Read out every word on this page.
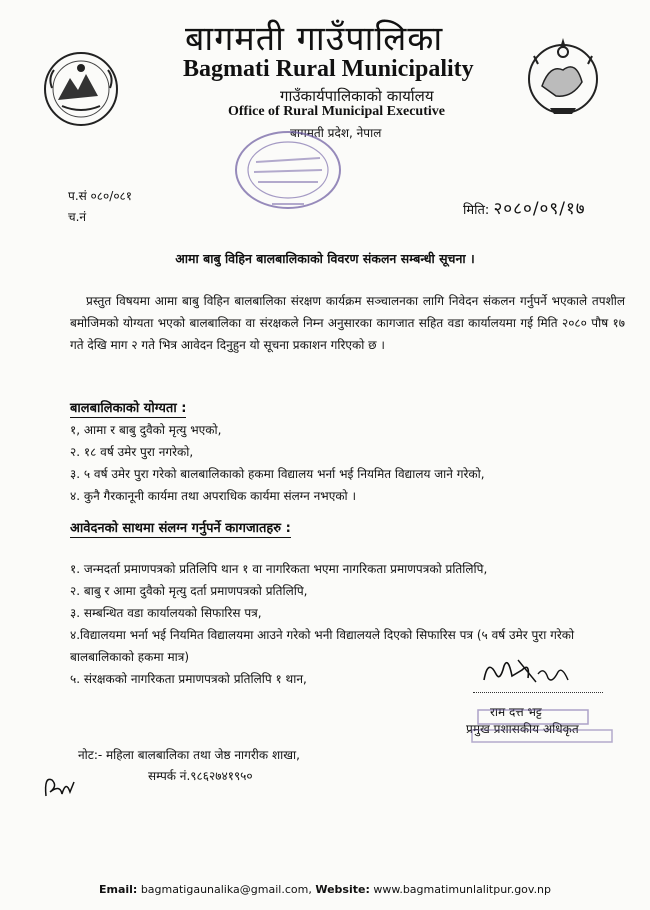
बागमती गाउँपालिका
Bagmati Rural Municipality
गाउँकार्यपालिकाको कार्यालय
Office of Rural Municipal Executive
बागमती प्रदेश, नेपाल
प.सं ०८०/०८१
च.नं	मिति: २०८०/०९/१७
आमा बाबु विहिन बालबालिकाको विवरण संकलन सम्बन्धी सूचना ।
प्रस्तुत विषयमा आमा बाबु विहिन बालबालिका संरक्षण कार्यक्रम सञ्चालनका लागि निवेदन संकलन गर्नुपर्ने भएकाले तपशील बमोजिमको योग्यता भएको बालबालिका वा संरक्षकले निम्न अनुसारका कागजात सहित वडा कार्यालयमा गई मिति २०८० पौष १७ गते देखि माग २ गते भित्र आवेदन दिनुहुन यो सूचना प्रकाशन गरिएको छ ।
बालबालिकाको योग्यता :
१, आमा र बाबु दुवैको मृत्यु भएको,
२. १८ वर्ष उमेर पुरा नगरेको,
३. ५ वर्ष उमेर पुरा गरेको बालबालिकाको हकमा विद्यालय भर्ना भई नियमित विद्यालय जाने गरेको,
४. कुनै गैरकानूनी कार्यमा तथा अपराधिक कार्यमा संलग्न नभएको ।
आवेदनको साथमा संलग्न गर्नुपर्ने कागजातहरु :
१. जन्मदर्ता प्रमाणपत्रको प्रतिलिपि थान १ वा नागरिकता भएमा नागरिकता प्रमाणपत्रको प्रतिलिपि,
२. बाबु र आमा दुवैको मृत्यु दर्ता प्रमाणपत्रको प्रतिलिपि,
३. सम्बन्धित वडा कार्यालयको सिफारिस पत्र,
४.विद्यालयमा भर्ना भई नियमित विद्यालयमा आउने गरेको भनी विद्यालयले दिएको सिफारिस पत्र (५ वर्ष उमेर पुरा गरेको बालबालिकाको हकमा मात्र)
५. संरक्षकको नागरिकता प्रमाणपत्रको प्रतिलिपि १ थान,
राम दत्त भट्ट
प्रमुख प्रशासकीय अधिकृत
नोट:- महिला बालबालिका तथा जेष्ठ नागरीक शाखा,
सम्पर्क नं.९८६२७४१९५०
Email: bagmatigaunalika@gmail.com, Website: www.bagmatimunlalitpur.gov.np
